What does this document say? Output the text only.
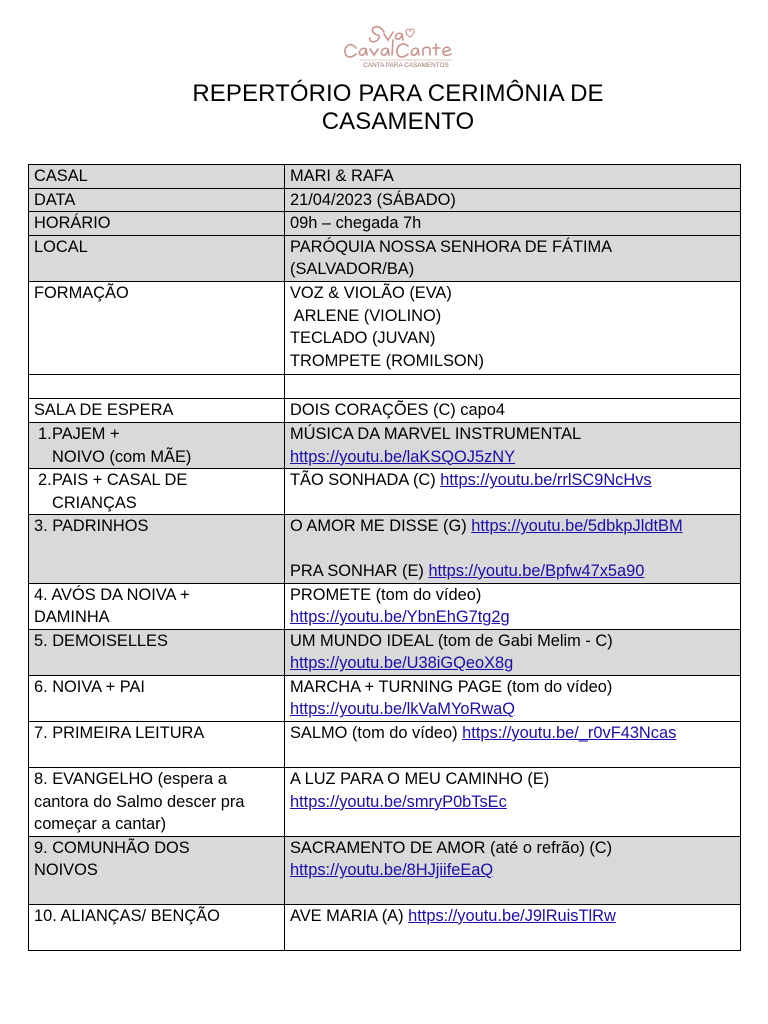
CANTA PARA CASAMENTOS
REPERTÓRIO PARA CERIMÔNIA DE
CASAMENTO
CASAL	MARI & RAFA
DATA	21/04/2023 (SÁBADO)
HORÁRIO	09h – chegada 7h
LOCAL	PARÓQUIA NOSSA SENHORA DE FÁTIMA
(SALVADOR/BA)

FORMAÇÃO	VOZ & VIOLÃO (EVA)
ARLENE (VIOLINO)
TECLADO (JUVAN)
TROMPETE (ROMILSON)

SALA DE ESPERA	DOIS CORAÇÕES (C) capo4

1.PAJEM +
NOIVO (com MÃE)	MÚSICA DA MARVEL INSTRUMENTAL
https://youtu.be/laKSQOJ5zNY

2.PAIS + CASAL DE
CRIANÇAS	TÃO SONHADA (C) https://youtu.be/rrlSC9NcHvs
3. PADRINHOS	O AMOR ME DISSE (G) https://youtu.be/5dbkpJldtBM
PRA SONHAR (E) https://youtu.be/Bpfw47x5a90

4. AVÓS DA NOIVA +
DAMINHA	PROMETE (tom do vídeo)
https://youtu.be/YbnEhG7tg2g
5. DEMOISELLES	UM MUNDO IDEAL (tom de Gabi Melim - C)
https://youtu.be/U38iGQeoX8g
6. NOIVA + PAI	MARCHA + TURNING PAGE (tom do vídeo)
https://youtu.be/lkVaMYoRwaQ
7. PRIMEIRA LEITURA	SALMO (tom do vídeo) https://youtu.be/_r0vF43Ncas

8. EVANGELHO (espera a
cantora do Salmo descer pra
começar a cantar)	A LUZ PARA O MEU CAMINHO (E)
https://youtu.be/smryP0bTsEc

9. COMUNHÃO DOS
NOIVOS	SACRAMENTO DE AMOR (até o refrão) (C)
https://youtu.be/8HJjiifeEaQ
10. ALIANÇAS/ BENÇÃO	AVE MARIA (A) https://youtu.be/J9lRuisTlRw
